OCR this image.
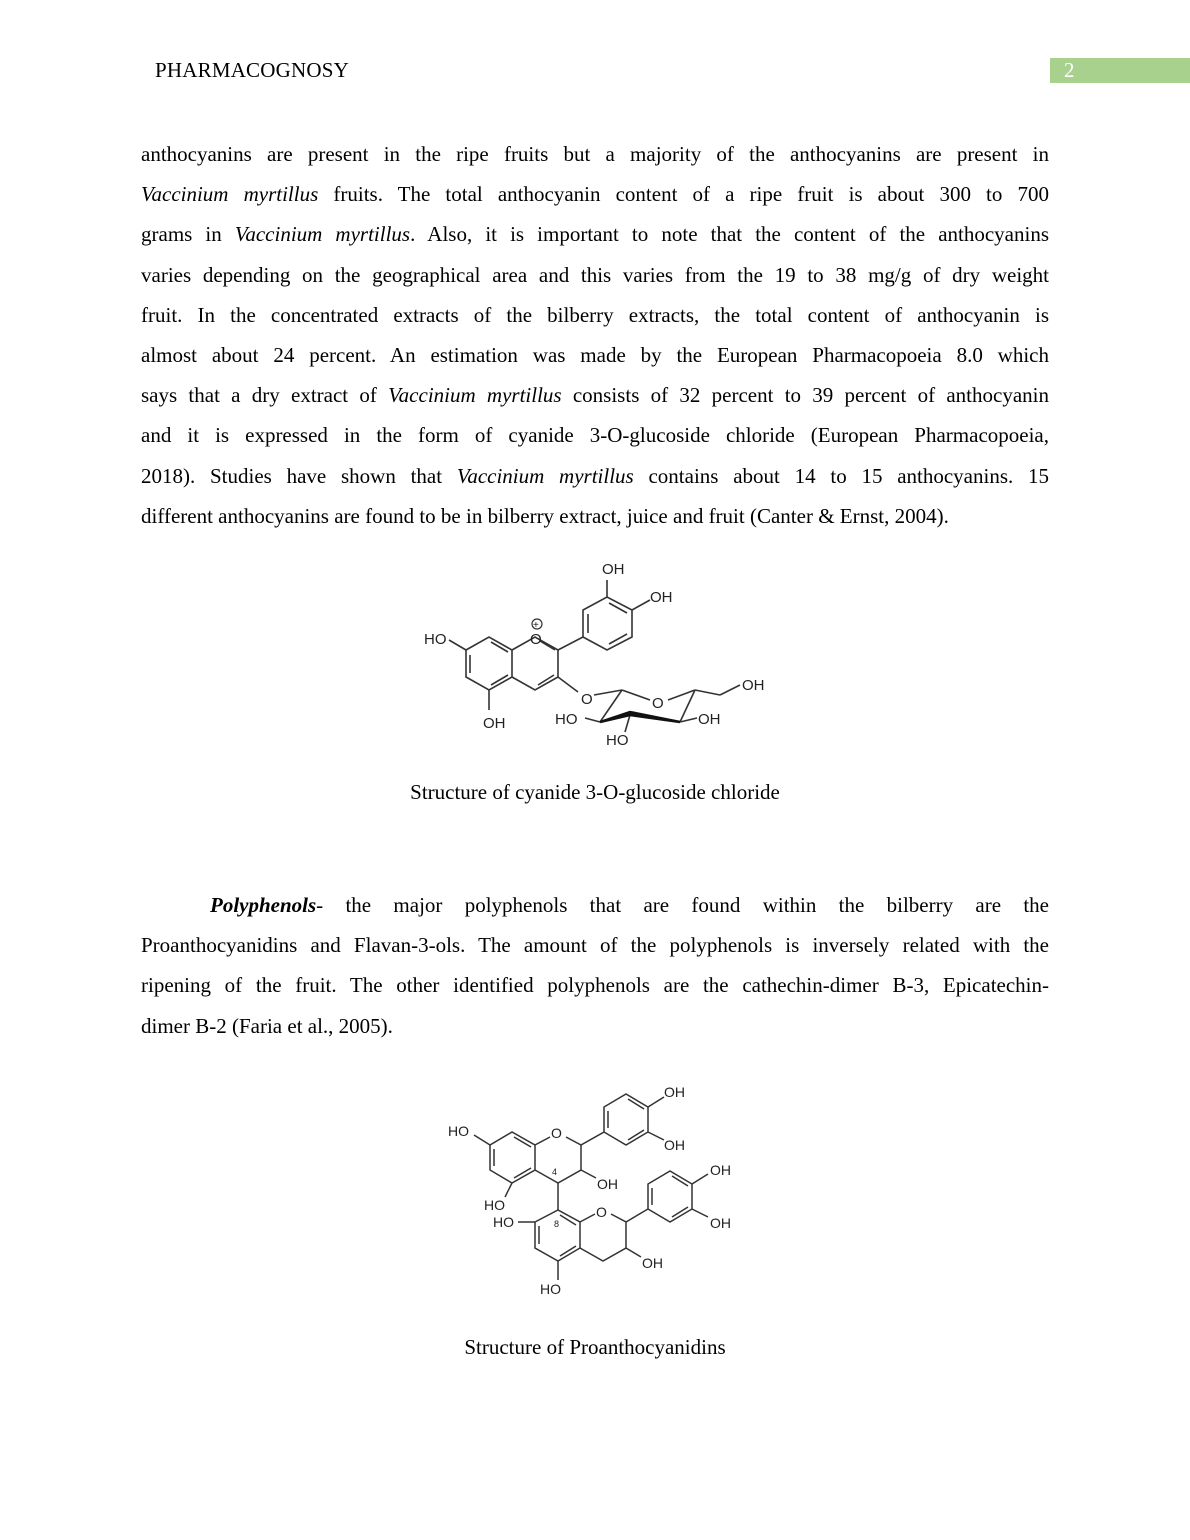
PHARMACOGNOSY	2
anthocyanins are present in the ripe fruits but a majority of the anthocyanins are present in
Vaccinium myrtillus fruits. The total anthocyanin content of a ripe fruit is about 300 to 700
grams in Vaccinium myrtillus. Also, it is important to note that the content of the anthocyanins
varies depending on the geographical area and this varies from the 19 to 38 mg/g of dry weight
fruit. In the concentrated extracts of the bilberry extracts, the total content of anthocyanin is
almost about 24 percent. An estimation was made by the European Pharmacopoeia 8.0 which
says that a dry extract of Vaccinium myrtillus consists of 32 percent to 39 percent of anthocyanin
and it is expressed in the form of cyanide 3-O-glucoside chloride (European Pharmacopoeia,
2018). Studies have shown that Vaccinium myrtillus contains about 14 to 15 anthocyanins. 15
different anthocyanins are found to be in bilberry extract, juice and fruit (Canter & Ernst, 2004).
OH
OH
HO	O
+
OH
O	O
OH
HO	OH
HO
Structure of cyanide 3-O-glucoside chloride
Polyphenols- the major polyphenols that are found within the bilberry are the
Proanthocyanidins and Flavan-3-ols. The amount of the polyphenols is inversely related with the
ripening of the fruit. The other identified polyphenols are the cathechin-dimer B-3, Epicatechin-
dimer B-2 (Faria et al., 2005).
OH
OH
HO	O
4
OH
HO
HO	8
O
OH
OH
OH
HO
Structure of Proanthocyanidins
